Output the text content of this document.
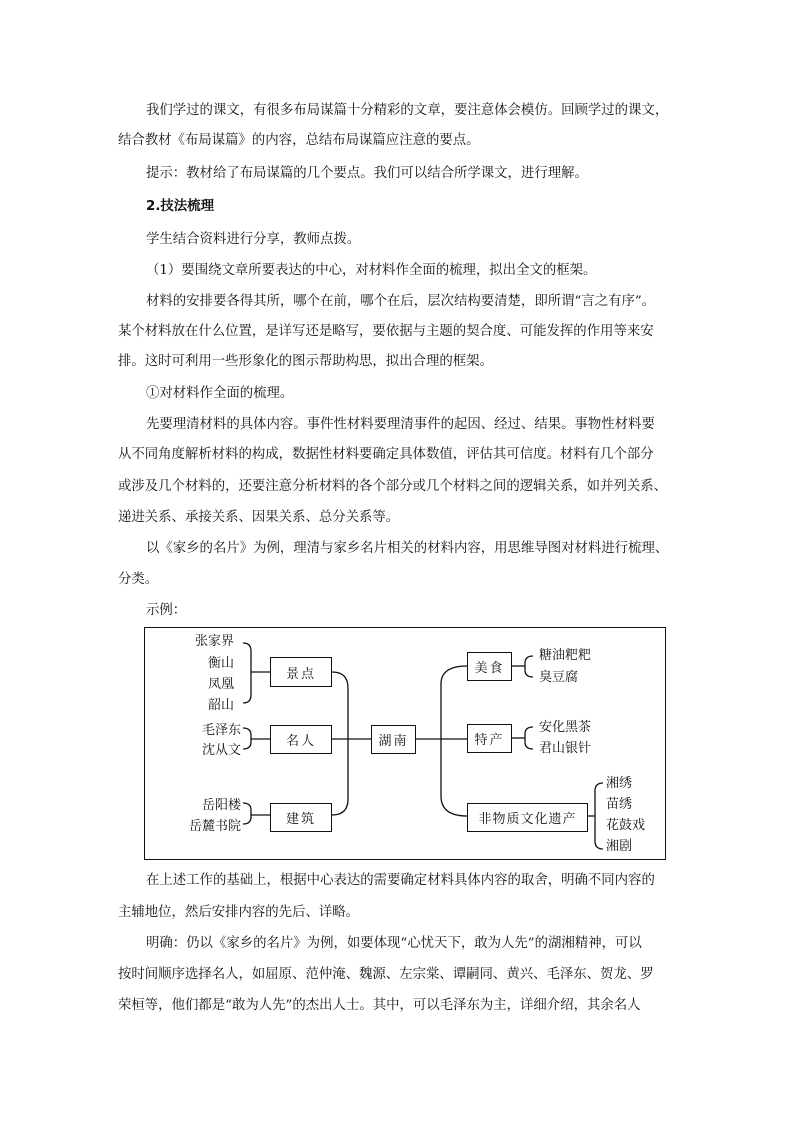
我们学过的课文，有很多布局谋篇十分精彩的文章，要注意体会模仿。回顾学过的课文，

结合教材《布局谋篇》的内容，总结布局谋篇应注意的要点。

提示：教材给了布局谋篇的几个要点。我们可以结合所学课文，进行理解。

2.技法梳理

学生结合资料进行分享，教师点拨。

（1）要围绕文章所要表达的中心，对材料作全面的梳理，拟出全文的框架。

材料的安排要各得其所，哪个在前，哪个在后，层次结构要清楚，即所谓“言之有序”。

某个材料放在什么位置，是详写还是略写，要依据与主题的契合度、可能发挥的作用等来安

排。这时可利用一些形象化的图示帮助构思，拟出合理的框架。

①对材料作全面的梳理。

先要理清材料的具体内容。事件性材料要理清事件的起因、经过、结果。事物性材料要

从不同角度解析材料的构成，数据性材料要确定具体数值，评估其可信度。材料有几个部分

或涉及几个材料的，还要注意分析材料的各个部分或几个材料之间的逻辑关系，如并列关系、

递进关系、承接关系、因果关系、总分关系等。

以《家乡的名片》为例，理清与家乡名片相关的材料内容，用思维导图对材料进行梳理、

分类。

示例：

张家界
衡山
凤凰
韶山
毛泽东
沈从文
岳阳楼
岳麓书院
景点
名人
建筑
湖南
美食
特产
非物质文化遗产
糖油粑粑
臭豆腐
安化黑茶
君山银针
湘绣
苗绣
花鼓戏
湘剧

在上述工作的基础上，根据中心表达的需要确定材料具体内容的取舍，明确不同内容的

主辅地位，然后安排内容的先后、详略。

明确：仍以《家乡的名片》为例，如要体现“心忧天下，敢为人先”的湖湘精神，可以

按时间顺序选择名人，如屈原、范仲淹、魏源、左宗棠、谭嗣同、黄兴、毛泽东、贺龙、罗

荣桓等，他们都是“敢为人先”的杰出人士。其中，可以毛泽东为主，详细介绍，其余名人
